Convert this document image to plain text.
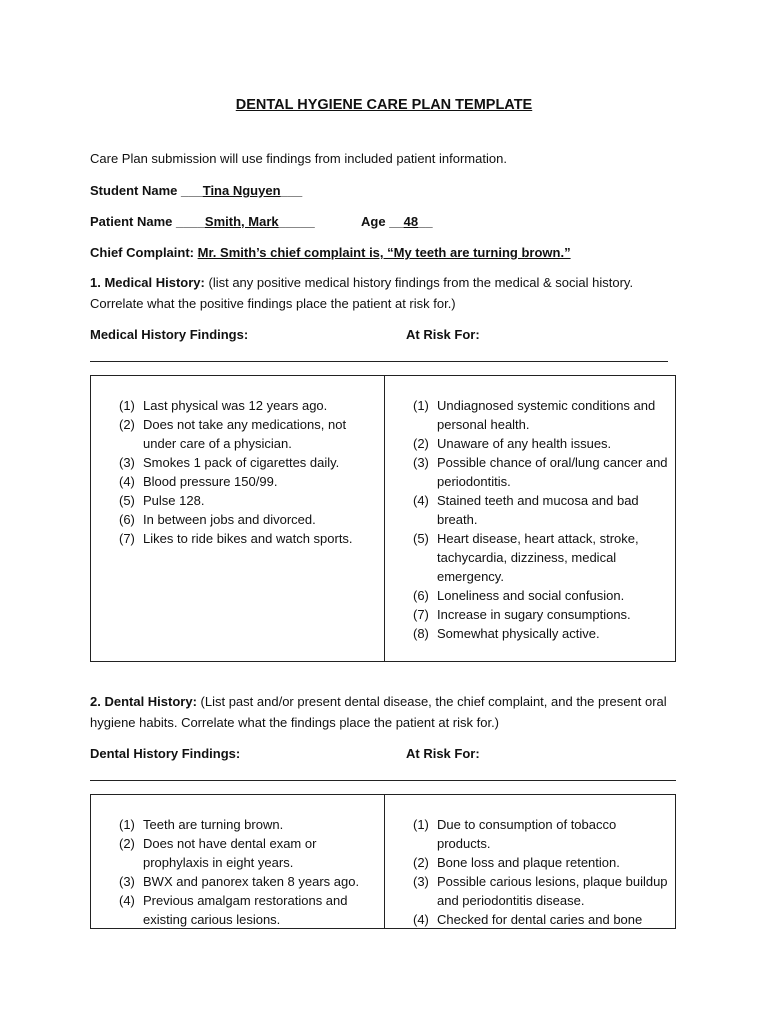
DENTAL HYGIENE CARE PLAN TEMPLATE
Care Plan submission will use findings from included patient information.
Student Name ___Tina Nguyen___
Patient Name ____Smith, Mark_____	Age __48__
Chief Complaint: Mr. Smith’s chief complaint is, “My teeth are turning brown.”
1. Medical History: (list any positive medical history findings from the medical & social history. Correlate what the positive findings place the patient at risk for.)
Medical History Findings:	At Risk For:
(1) Last physical was 12 years ago.
(2) Does not take any medications, not under care of a physician.
(3) Smokes 1 pack of cigarettes daily.
(4) Blood pressure 150/99.
(5) Pulse 128.
(6) In between jobs and divorced.
(7) Likes to ride bikes and watch sports.
(1) Undiagnosed systemic conditions and personal health.
(2) Unaware of any health issues.
(3) Possible chance of oral/lung cancer and periodontitis.
(4) Stained teeth and mucosa and bad breath.
(5) Heart disease, heart attack, stroke, tachycardia, dizziness, medical emergency.
(6) Loneliness and social confusion.
(7) Increase in sugary consumptions.
(8) Somewhat physically active.
2. Dental History: (List past and/or present dental disease, the chief complaint, and the present oral hygiene habits. Correlate what the findings place the patient at risk for.)
Dental History Findings:	At Risk For:
(1) Teeth are turning brown.
(2) Does not have dental exam or prophylaxis in eight years.
(3) BWX and panorex taken 8 years ago.
(4) Previous amalgam restorations and existing carious lesions.
(1) Due to consumption of tobacco products.
(2) Bone loss and plaque retention.
(3) Possible carious lesions, plaque buildup and periodontitis disease.
(4) Checked for dental caries and bone
